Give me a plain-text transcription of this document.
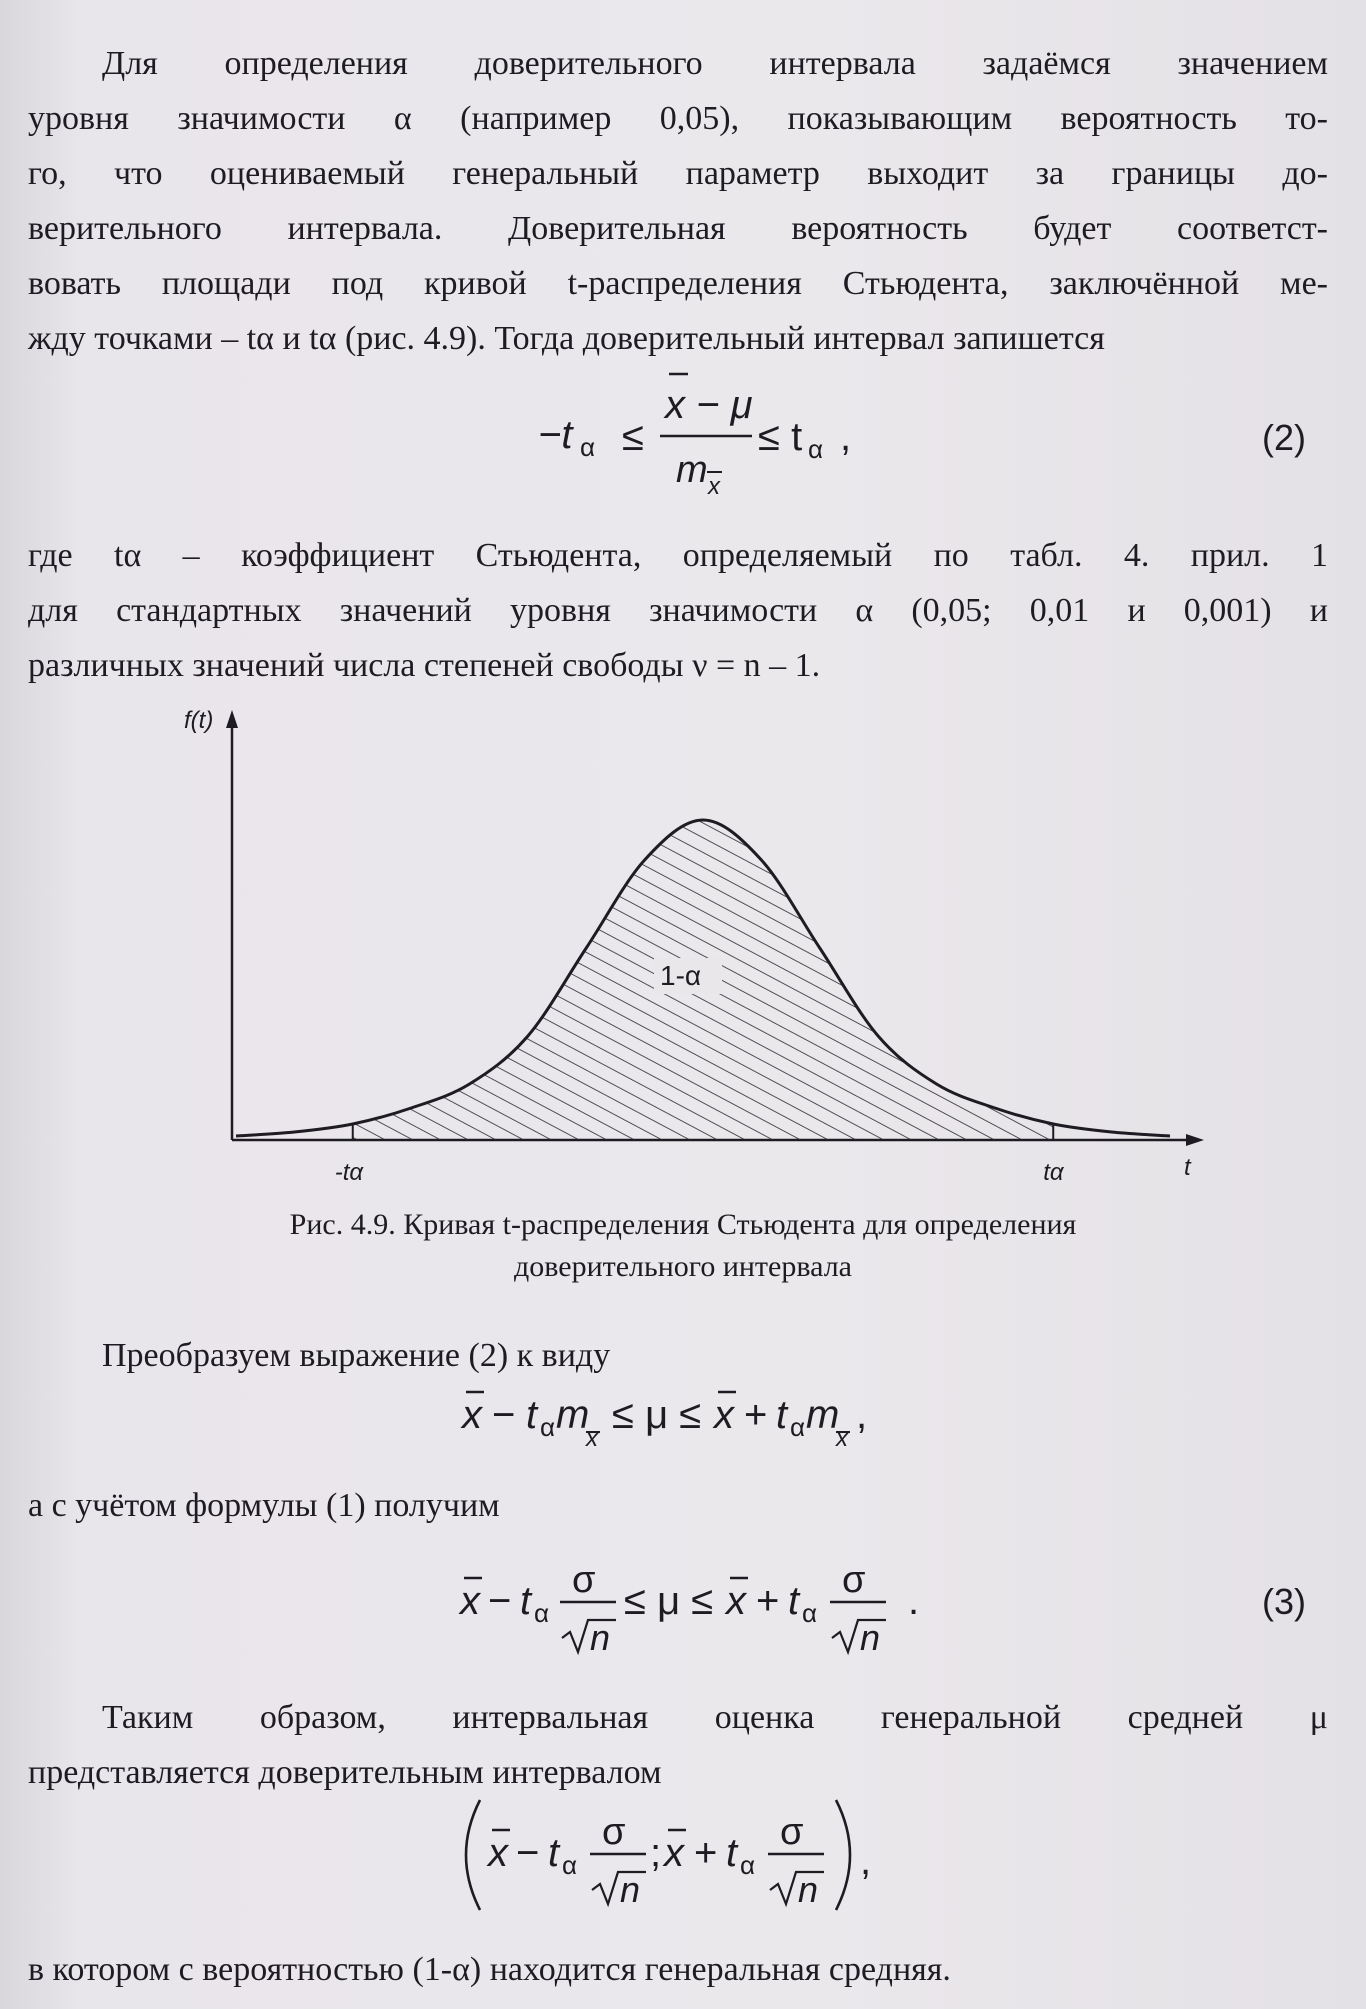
Для определения доверительного интервала задаёмся значением
уровня значимости α (например 0,05), показывающим вероятность то-
го, что оцениваемый генеральный параметр выходит за границы до-
верительного интервала. Доверительная вероятность будет соответст-
вовать площади под кривой t-распределения Стьюдента, заключённой ме-
жду точками – tα и tα (рис. 4.9). Тогда доверительный интервал запишется
−t α ≤
x − μ
m x
≤ t α ,	(2)
где tα – коэффициент Стьюдента, определяемый по табл. 4. прил. 1
для стандартных значений уровня значимости α (0,05; 0,01 и 0,001) и
различных значений числа степеней свободы ν = n – 1.
f(t)
t
1-α
-tα	tα
Рис. 4.9. Кривая t-распределения Стьюдента для определения
доверительного интервала
Преобразуем выражение (2) к виду
x − t α m
x
≤ μ ≤ x + t α m
x
,
а с учётом формулы (1) получим
x − t α
σ
n
≤ μ ≤ x + t α
σ
n
.	(3)
Таким образом, интервальная оценка генеральной средней μ
представляется доверительным интервалом
x − t α
σ
n
; x + t α
σ
n
,
в котором с вероятностью (1-α) находится генеральная средняя.
